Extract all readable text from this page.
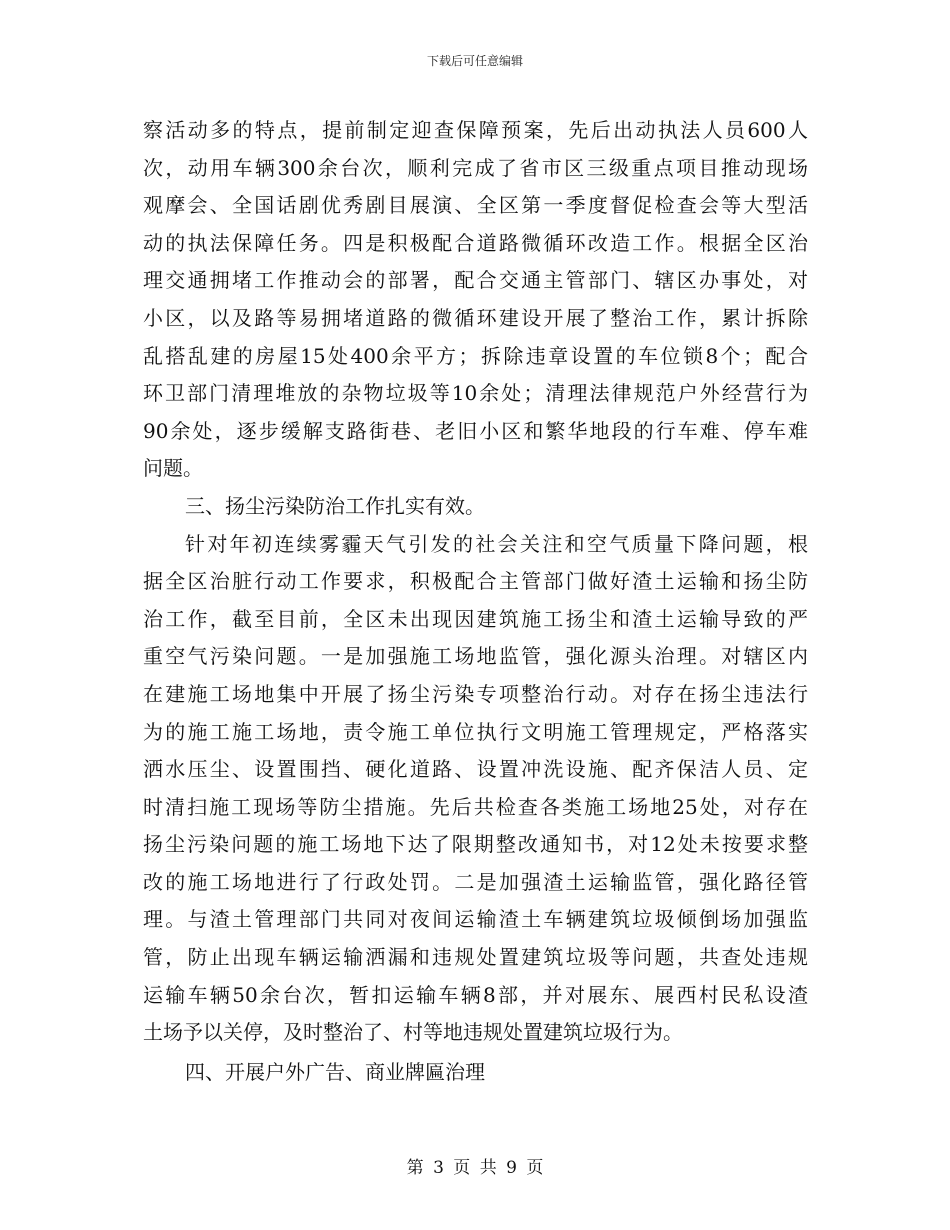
下载后可任意编辑
察活动多的特点，提前制定迎查保障预案，先后出动执法人员600人
次，动用车辆300余台次，顺利完成了省市区三级重点项目推动现场
观摩会、全国话剧优秀剧目展演、全区第一季度督促检查会等大型活
动的执法保障任务。四是积极配合道路微循环改造工作。根据全区治
理交通拥堵工作推动会的部署，配合交通主管部门、辖区办事处，对
小区，以及路等易拥堵道路的微循环建设开展了整治工作，累计拆除
乱搭乱建的房屋15处400余平方；拆除违章设置的车位锁8个；配合
环卫部门清理堆放的杂物垃圾等10余处；清理法律规范户外经营行为
90余处，逐步缓解支路街巷、老旧小区和繁华地段的行车难、停车难
问题。
三、扬尘污染防治工作扎实有效。
针对年初连续雾霾天气引发的社会关注和空气质量下降问题，根
据全区治脏行动工作要求，积极配合主管部门做好渣土运输和扬尘防
治工作，截至目前，全区未出现因建筑施工扬尘和渣土运输导致的严
重空气污染问题。一是加强施工场地监管，强化源头治理。对辖区内
在建施工场地集中开展了扬尘污染专项整治行动。对存在扬尘违法行
为的施工施工场地，责令施工单位执行文明施工管理规定，严格落实
洒水压尘、设置围挡、硬化道路、设置冲洗设施、配齐保洁人员、定
时清扫施工现场等防尘措施。先后共检查各类施工场地25处，对存在
扬尘污染问题的施工场地下达了限期整改通知书，对12处未按要求整
改的施工场地进行了行政处罚。二是加强渣土运输监管，强化路径管
理。与渣土管理部门共同对夜间运输渣土车辆建筑垃圾倾倒场加强监
管，防止出现车辆运输洒漏和违规处置建筑垃圾等问题，共查处违规
运输车辆50余台次，暂扣运输车辆8部，并对展东、展西村民私设渣
土场予以关停，及时整治了、村等地违规处置建筑垃圾行为。
四、开展户外广告、商业牌匾治理
第 3 页 共 9 页
